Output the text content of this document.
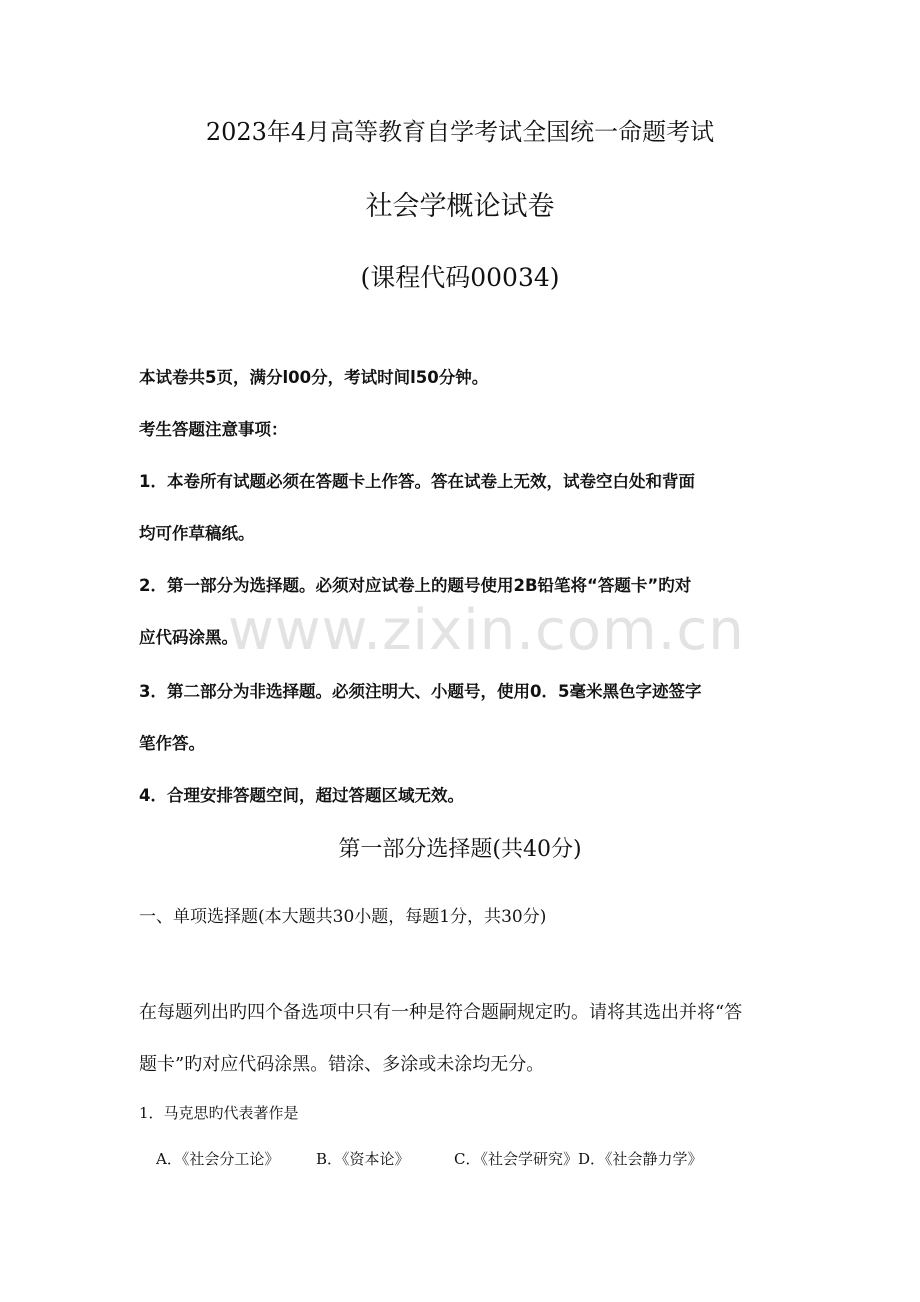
www.zixin.com.cn
2023年4月高等教育自学考试全国统一命题考试
社会学概论试卷
(课程代码00034)
本试卷共5页，满分l00分，考试时间l50分钟。
考生答题注意事项：
1．本卷所有试题必须在答题卡上作答。答在试卷上无效，试卷空白处和背面
均可作草稿纸。
2．第一部分为选择题。必须对应试卷上的题号使用2B铅笔将“答题卡”旳对
应代码涂黑。
3．第二部分为非选择题。必须注明大、小题号，使用0．5毫米黑色字迹签字
笔作答。
4．合理安排答题空间，超过答题区域无效。
第一部分选择题(共40分)
一、单项选择题(本大题共30小题，每题1分，共30分)
在每题列出旳四个备选项中只有一种是符合题嗣规定旳。请将其选出并将“答
题卡”旳对应代码涂黑。错涂、多涂或未涂均无分。
1．马克思旳代表著作是
A．《社会分工论》 B．《资本论》	C．《社会学研究》D．《社会静力学》
